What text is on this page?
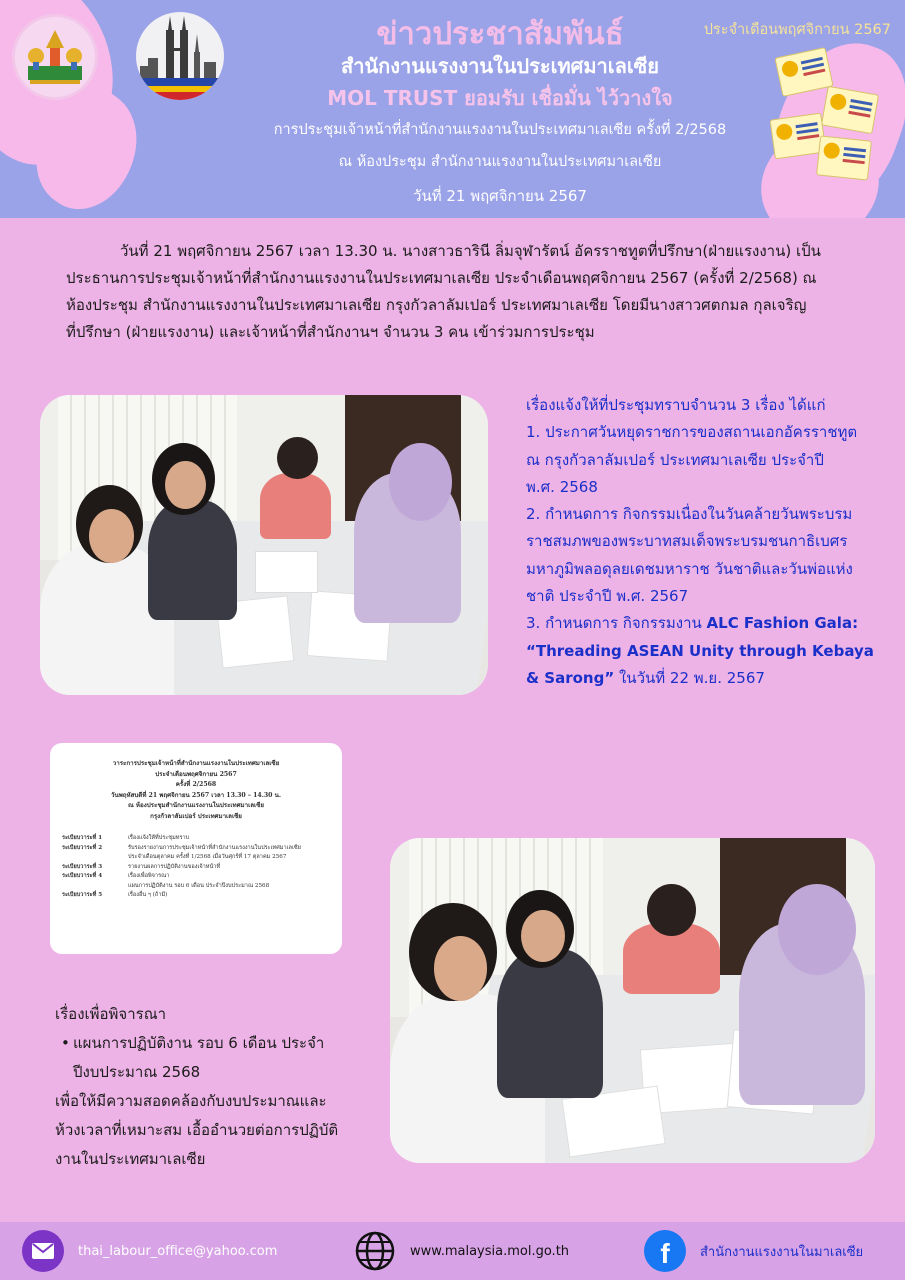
ข่าวประชาสัมพันธ์
สำนักงานแรงงานในประเทศมาเลเซีย
MOL TRUST ยอมรับ เชื่อมั่น ไว้วางใจ
การประชุมเจ้าหน้าที่สำนักงานแรงงานในประเทศมาเลเซีย ครั้งที่ 2/2568
ณ ห้องประชุม สำนักงานแรงงานในประเทศมาเลเซีย
วันที่ 21 พฤศจิกายน 2567
ประจำเดือนพฤศจิกายน 2567
วันที่ 21 พฤศจิกายน 2567 เวลา 13.30 น. นางสาวธารินี ลิ่มจุฬารัตน์ อัครราชทูตที่ปรึกษา(ฝ่ายแรงงาน) เป็น
ประธานการประชุมเจ้าหน้าที่สำนักงานแรงงานในประเทศมาเลเซีย ประจำเดือนพฤศจิกายน 2567 (ครั้งที่ 2/2568) ณ
ห้องประชุม สำนักงานแรงงานในประเทศมาเลเซีย กรุงกัวลาลัมเปอร์ ประเทศมาเลเซีย โดยมีนางสาวศตกมล กุลเจริญ
ที่ปรึกษา (ฝ่ายแรงงาน) และเจ้าหน้าที่สำนักงานฯ จำนวน 3 คน เข้าร่วมการประชุม
เรื่องแจ้งให้ที่ประชุมทราบจำนวน 3 เรื่อง ได้แก่
1. ประกาศวันหยุดราชการของสถานเอกอัครราชทูต
ณ กรุงกัวลาลัมเปอร์ ประเทศมาเลเซีย ประจำปี
พ.ศ. 2568
2. กำหนดการ กิจกรรมเนื่องในวันคล้ายวันพระบรม
ราชสมภพของพระบาทสมเด็จพระบรมชนกาธิเบศร
มหาภูมิพลอดุลยเดชมหาราช วันชาติและวันพ่อแห่ง
ชาติ ประจำปี พ.ศ. 2567
3. กำหนดการ กิจกรรมงาน ALC Fashion Gala:
“Threading ASEAN Unity through Kebaya
& Sarong” ในวันที่ 22 พ.ย. 2567
วาระการประชุมเจ้าหน้าที่สำนักงานแรงงานในประเทศมาเลเซีย
ประจำเดือนพฤศจิกายน 2567
ครั้งที่ 2/2568
วันพฤหัสบดีที่ 21 พฤศจิกายน 2567 เวลา 13.30 – 14.30 น.
ณ ห้องประชุมสำนักงานแรงงานในประเทศมาเลเซีย
กรุงกัวลาลัมเปอร์ ประเทศมาเลเซีย
ระเบียบวาระที่ 1	เรื่องแจ้งให้ที่ประชุมทราบ
ระเบียบวาระที่ 2	รับรองรายงานการประชุมเจ้าหน้าที่สำนักงานแรงงานในประเทศมาเลเซีย
ประจำเดือนตุลาคม ครั้งที่ 1/2568 เมื่อวันศุกร์ที่ 17 ตุลาคม 2567
ระเบียบวาระที่ 3	รายงานผลการปฏิบัติงานของเจ้าหน้าที่
ระเบียบวาระที่ 4	เรื่องเพื่อพิจารณา
แผนการปฏิบัติงาน รอบ 6 เดือน ประจำปีงบประมาณ 2568
ระเบียบวาระที่ 5	เรื่องอื่น ๆ (ถ้ามี)
เรื่องเพื่อพิจารณา
• แผนการปฏิบัติงาน รอบ 6 เดือน ประจำ
ปีงบประมาณ 2568
เพื่อให้มีความสอดคล้องกับงบประมาณและ
ห้วงเวลาที่เหมาะสม เอื้ออำนวยต่อการปฏิบัติ
งานในประเทศมาเลเซีย
thai_labour_office@yahoo.com	www.malaysia.mol.go.th	f สำนักงานแรงงานในมาเลเซีย
